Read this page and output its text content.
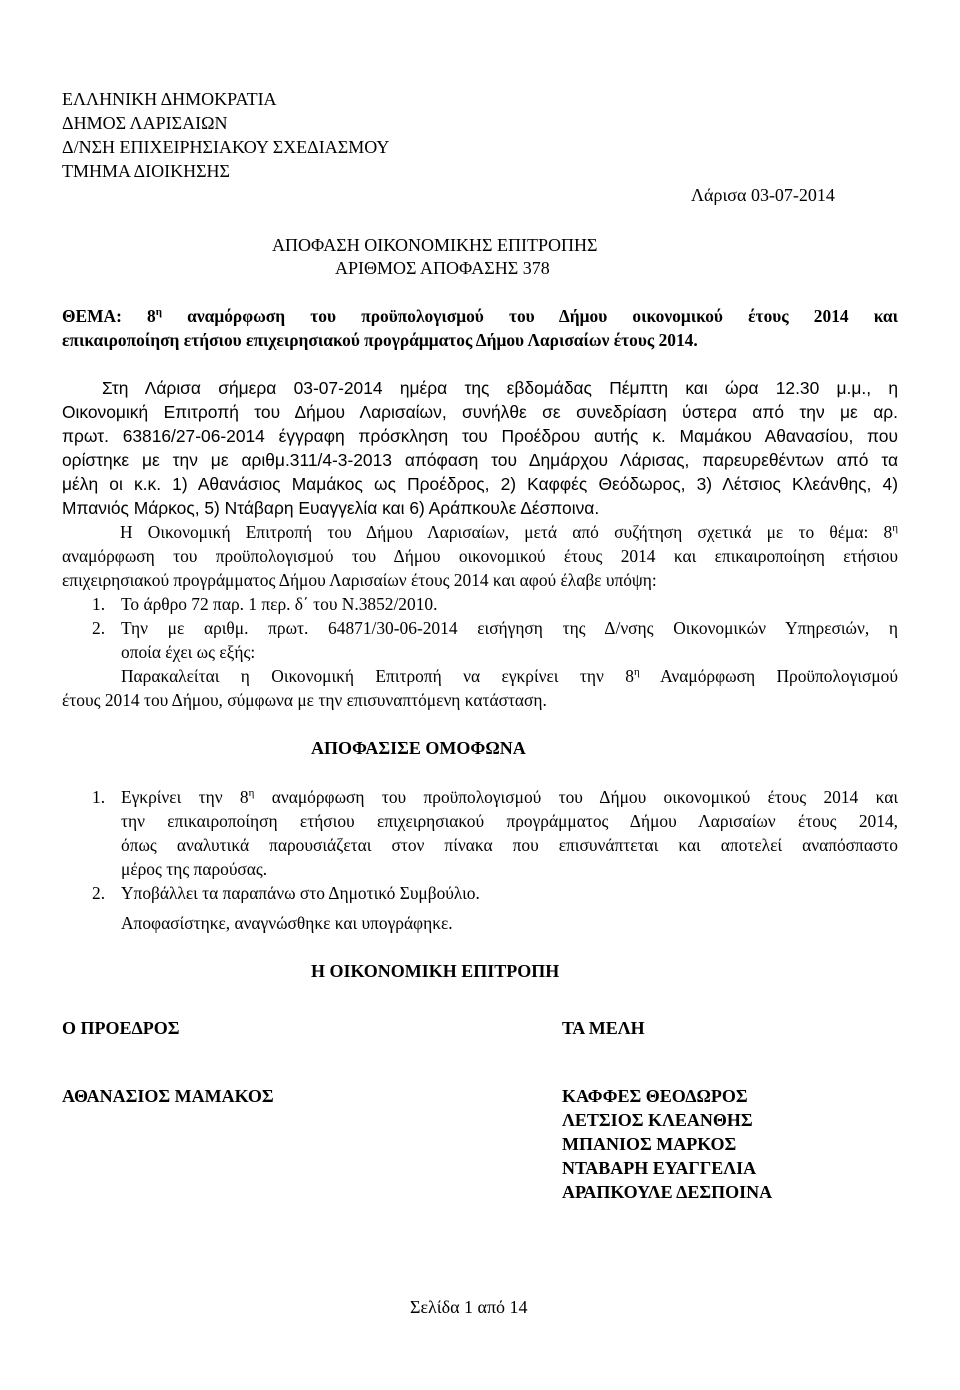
ΕΛΛΗΝΙΚΗ ΔΗΜΟΚΡΑΤΙΑ
ΔΗΜΟΣ ΛΑΡΙΣΑΙΩΝ
Δ/ΝΣΗ ΕΠΙΧΕΙΡΗΣΙΑΚΟΥ ΣΧΕΔΙΑΣΜΟΥ
ΤΜΗΜΑ ΔΙΟΙΚΗΣΗΣ
Λάρισα 03-07-2014
ΑΠΟΦΑΣΗ ΟΙΚΟΝΟΜΙΚΗΣ ΕΠΙΤΡΟΠΗΣ
ΑΡΙΘΜΟΣ ΑΠΟΦΑΣΗΣ 378
ΘΕΜΑ: $8^\eta$ αναμόρφωση του προϋπολογισμού του Δήμου οικονομικού έτους 2014 και
επικαιροποίηση ετήσιου επιχειρησιακού προγράμματος Δήμου Λαρισαίων έτους 2014.
Στη Λάρισα σήμερα 03-07-2014 ημέρα της εβδομάδας Πέμπτη και ώρα 12.30 μ.μ., η
Οικονομική Επιτροπή του Δήμου Λαρισαίων, συνήλθε σε συνεδρίαση ύστερα από την με αρ.
πρωτ. 63816/27-06-2014 έγγραφη πρόσκληση του Προέδρου αυτής κ. Μαμάκου Αθανασίου, που
ορίστηκε με την με αριθμ.311/4-3-2013 απόφαση του Δημάρχου Λάρισας, παρευρεθέντων από τα
μέλη οι κ.κ. 1) Αθανάσιος Μαμάκος ως Προέδρος, 2) Καφφές Θεόδωρος, 3) Λέτσιος Κλεάνθης, 4)
Μπανιός Μάρκος, 5) Ντάβαρη Ευαγγελία και 6) Αράπκουλε Δέσποινα.
Η Οικονομική Επιτροπή του Δήμου Λαρισαίων, μετά από συζήτηση σχετικά με το θέμα: $8^\eta$
αναμόρφωση του προϋπολογισμού του Δήμου οικονομικού έτους 2014 και επικαιροποίηση ετήσιου
επιχειρησιακού προγράμματος Δήμου Λαρισαίων έτους 2014 και αφού έλαβε υπόψη:
1. Το άρθρο 72 παρ. 1 περ. δ΄ του Ν.3852/2010.
2. Την με αριθμ. πρωτ. 64871/30-06-2014 εισήγηση της Δ/νσης Οικονομικών Υπηρεσιών, η
οποία έχει ως εξής:
Παρακαλείται η Οικονομική Επιτροπή να εγκρίνει την $8^\eta$ Αναμόρφωση Προϋπολογισμού
έτους 2014 του Δήμου, σύμφωνα με την επισυναπτόμενη κατάσταση.
ΑΠΟΦΑΣΙΣΕ ΟΜΟΦΩΝΑ
1. Εγκρίνει την $8^\eta$ αναμόρφωση του προϋπολογισμού του Δήμου οικονομικού έτους 2014 και
την επικαιροποίηση ετήσιου επιχειρησιακού προγράμματος Δήμου Λαρισαίων έτους 2014,
όπως αναλυτικά παρουσιάζεται στον πίνακα που επισυνάπτεται και αποτελεί αναπόσπαστο
μέρος της παρούσας.
2. Υποβάλλει τα παραπάνω στο Δημοτικό Συμβούλιο.
Αποφασίστηκε, αναγνώσθηκε και υπογράφηκε.
Η ΟΙΚΟΝΟΜΙΚΗ ΕΠΙΤΡΟΠΗ
Ο ΠΡΟΕΔΡΟΣ	ΤΑ ΜΕΛΗ
ΑΘΑΝΑΣΙΟΣ ΜΑΜΑΚΟΣ	ΚΑΦΦΕΣ ΘΕΟΔΩΡΟΣ
ΛΕΤΣΙΟΣ ΚΛΕΑΝΘΗΣ
ΜΠΑΝΙΟΣ ΜΑΡΚΟΣ
ΝΤΑΒΑΡΗ ΕΥΑΓΓΕΛΙΑ
ΑΡΑΠΚΟΥΛΕ ΔΕΣΠΟΙΝΑ
Σελίδα 1 από 14
